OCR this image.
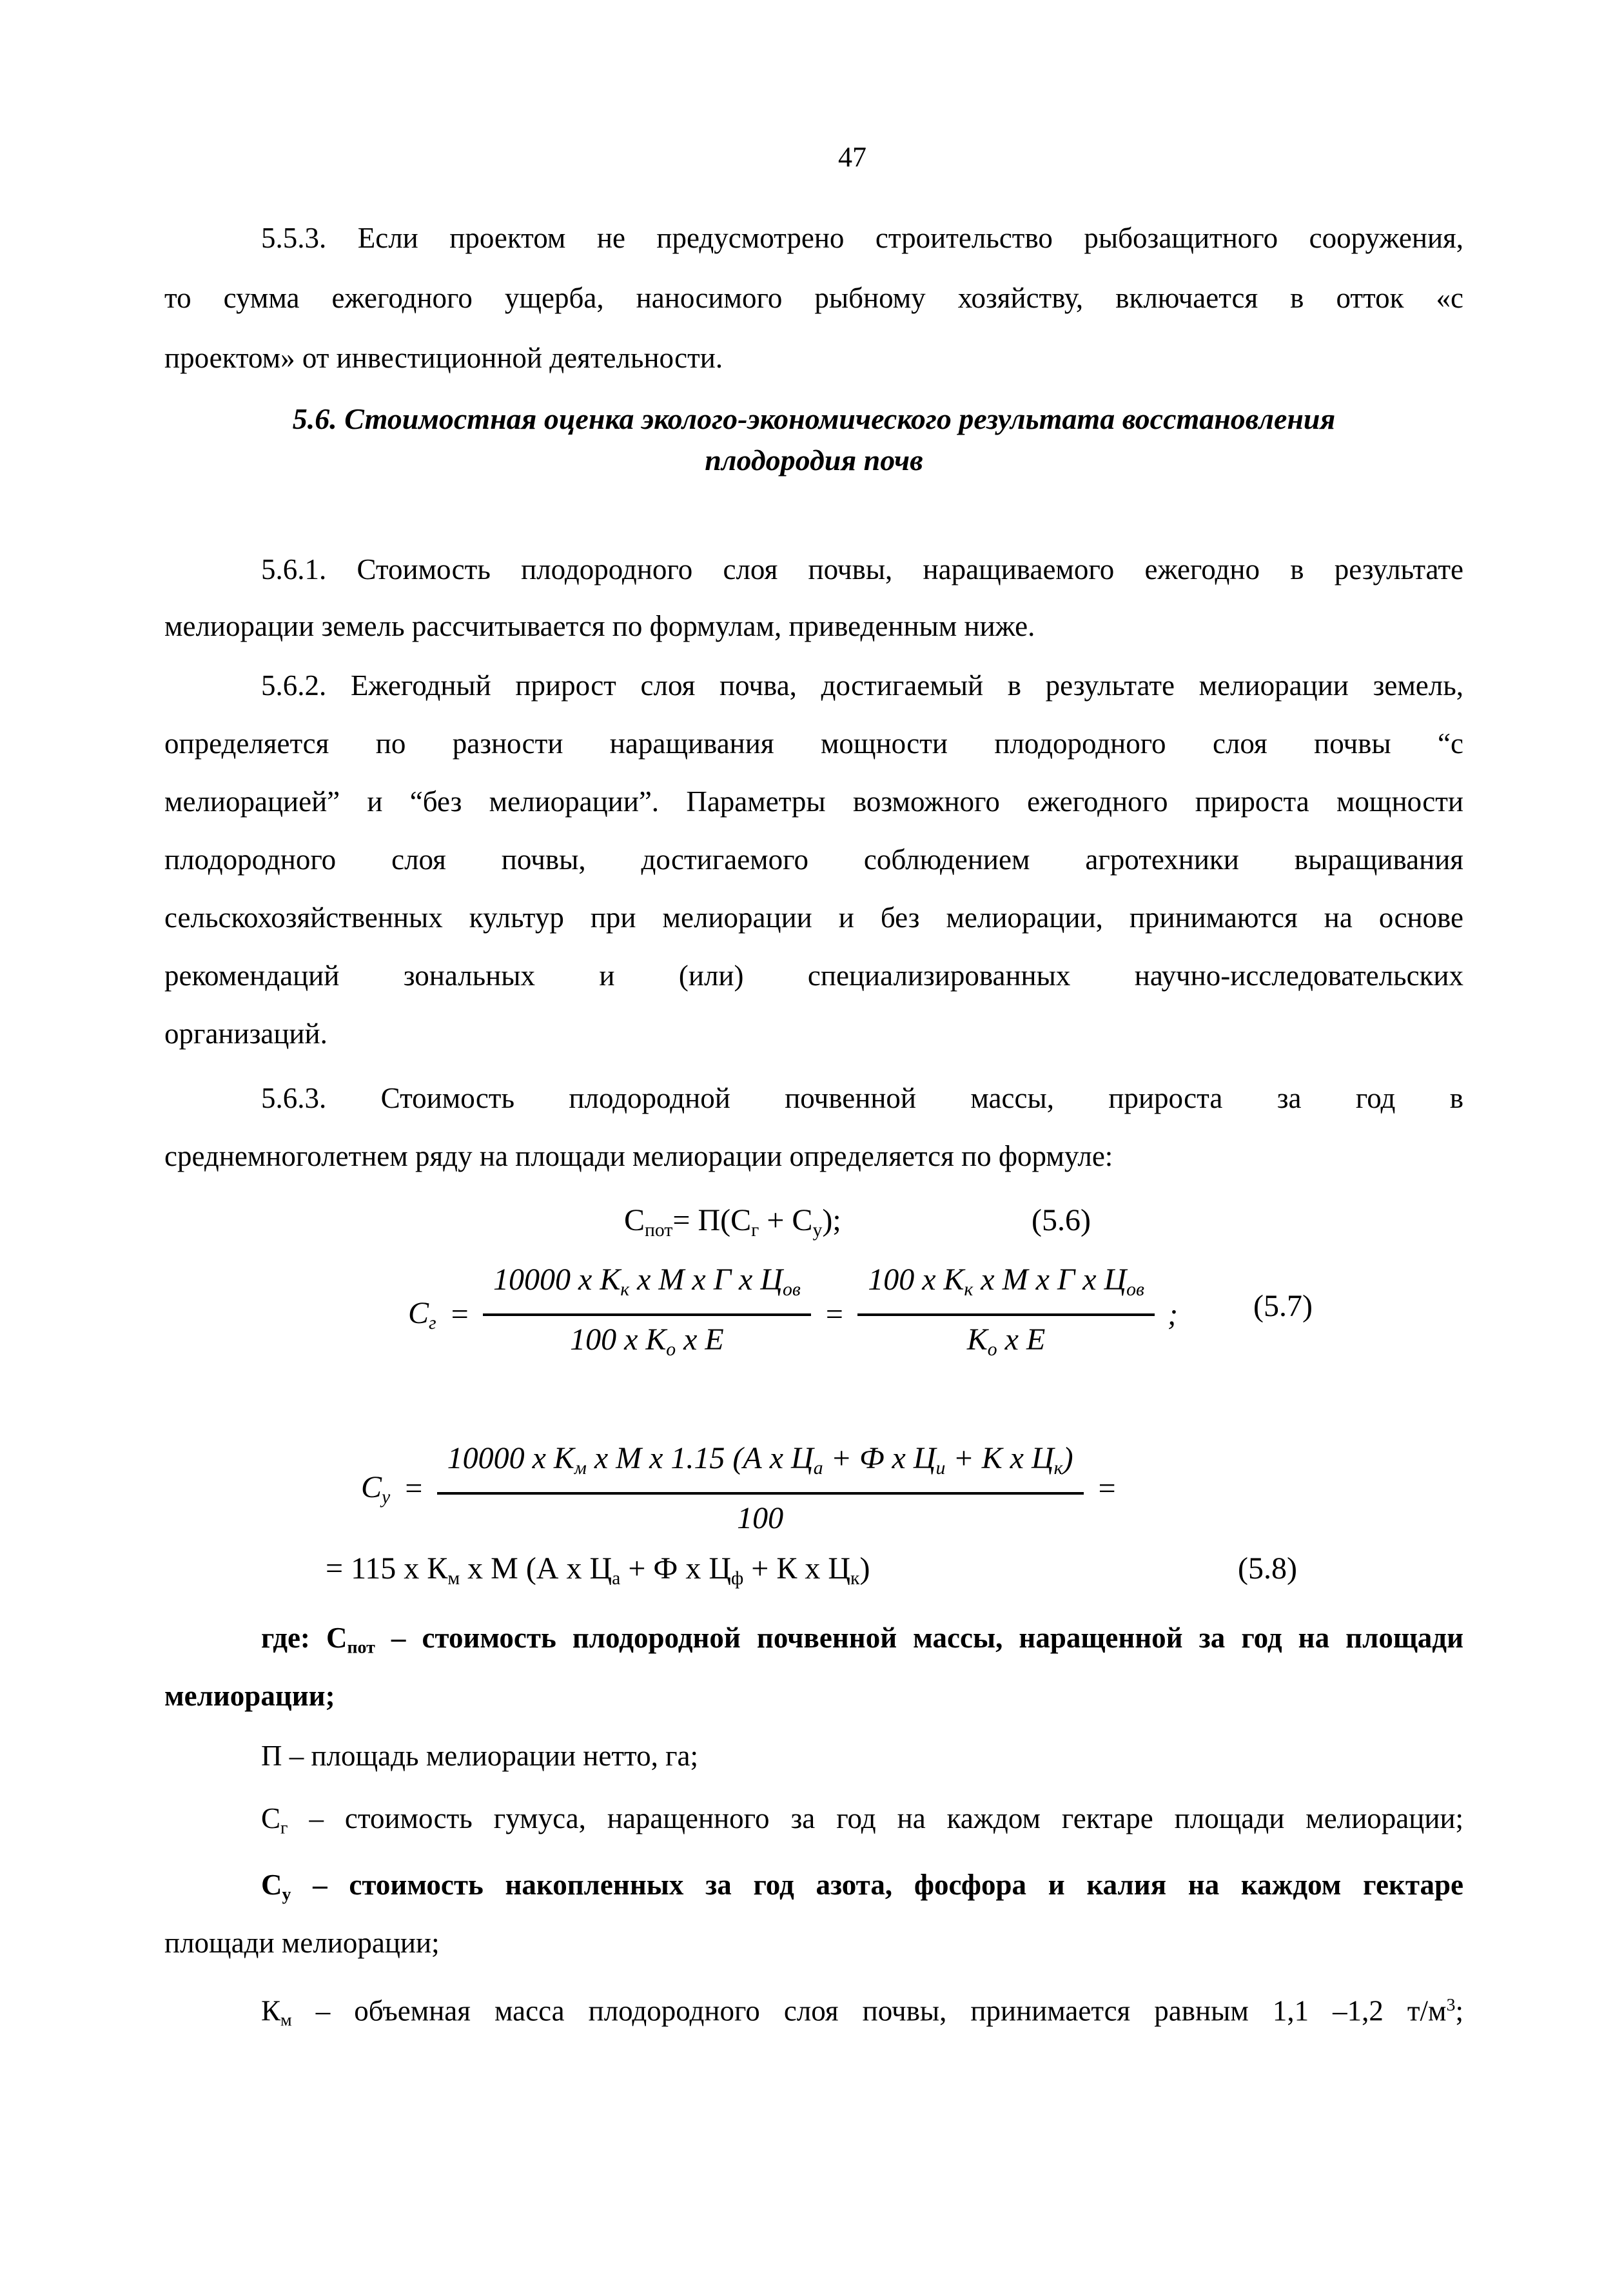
47
5.5.3. Если проектом не предусмотрено строительство рыбозащитного сооружения,
то сумма ежегодного ущерба, наносимого рыбному хозяйству, включается в отток «с
проектом» от инвестиционной деятельности.
5.6. Стоимостная оценка эколого-экономического результата восстановления
плодородия почв
5.6.1. Стоимость плодородного слоя почвы, наращиваемого ежегодно в результате
мелиорации земель рассчитывается по формулам, приведенным ниже.
5.6.2. Ежегодный прирост слоя почва, достигаемый в результате мелиорации земель,
определяется по разности наращивания мощности плодородного слоя почвы “с
мелиорацией” и “без мелиорации”. Параметры возможного ежегодного прироста мощности
плодородного слоя почвы, достигаемого соблюдением агротехники выращивания
сельскохозяйственных культур при мелиорации и без мелиорации, принимаются на основе
рекомендаций зональных и (или) специализированных научно-исследовательских
организаций.
5.6.3. Стоимость плодородной почвенной массы, прироста за год в
среднемноголетнем ряду на площади мелиорации определяется по формуле:
$С_{пот}= П(С_г + С_у)$;	(5.6)
$С_г = \frac{10000 х К_к х М х Г х Ц_{ов}}{100 х К_о х Е} = \frac{100 х К_к х М х Г х Ц_{ов}}{К_о х Е}$ ; (5.7)
$С_у = \frac{10000 х К_м х М х 1.15 (А х Ц_а + Ф х Ц_и + К х Ц_к)}{100}$ =
= 115 х $К_м$ х М (А х $Ц_а + Ф$ х $Ц_ф + К$ х $Ц_к$)	(5.8)
где: $С_{пот}$ – стоимость плодородной почвенной массы, наращенной за год на площади
мелиорации;
П – площадь мелиорации нетто, га;
$С_г$ – стоимость гумуса, наращенного за год на каждом гектаре площади мелиорации;
$С_у$ – стоимость накопленных за год азота, фосфора и калия на каждом гектаре
площади мелиорации;
$К_м$ – объемная масса плодородного слоя почвы, принимается равным 1,1 –1,2 $т/м^3$;
